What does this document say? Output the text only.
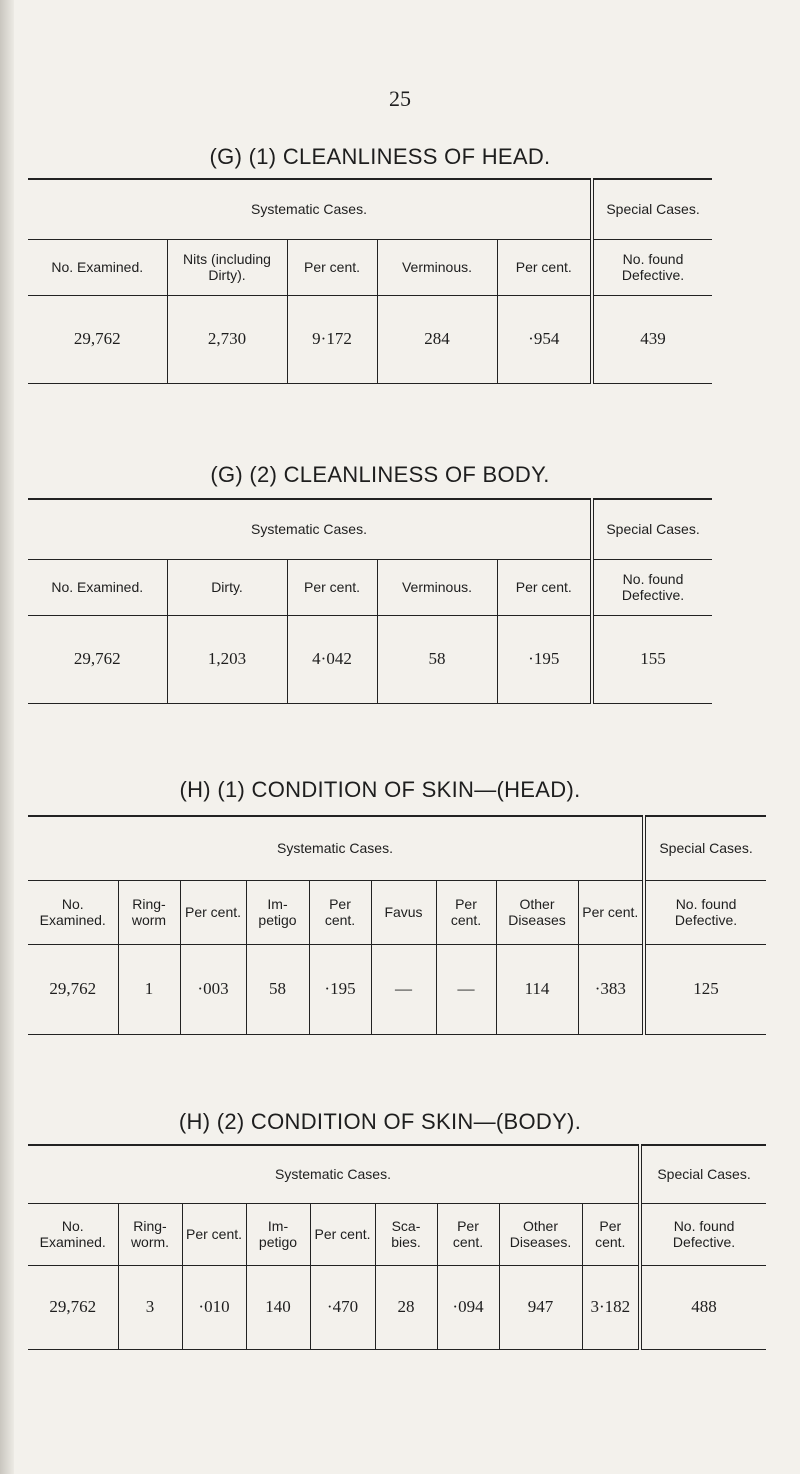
25
(G) (1) CLEANLINESS OF HEAD.
Systematic Cases.					Special Cases.
No. Examined.	Nits (including Dirty).	Per cent.	Verminous.	Per cent.	No. found Defective.
29,762	2,730	9·172	284	·954	439
(G) (2) CLEANLINESS OF BODY.
Systematic Cases.					Special Cases.
No. Examined.	Dirty.	Per cent.	Verminous.	Per cent.	No. found Defective.
29,762	1,203	4·042	58	·195	155
(H) (1) CONDITION OF SKIN—(HEAD).
Systematic Cases.									Special Cases.
No. Examined.	Ring-worm	Per cent.	Im-petigo	Per cent.	Favus	Per cent.	Other Diseases	Per cent.	No. found Defective.
29,762	1	·003	58	·195	—	—	114	·383	125
(H) (2) CONDITION OF SKIN—(BODY).
Systematic Cases.									Special Cases.
No. Examined.	Ring-worm.	Per cent.	Im-petigo	Per cent.	Sca-bies.	Per cent.	Other Diseases.	Per cent.	No. found Defective.
29,762	3	·010	140	·470	28	·094	947	3·182	488
